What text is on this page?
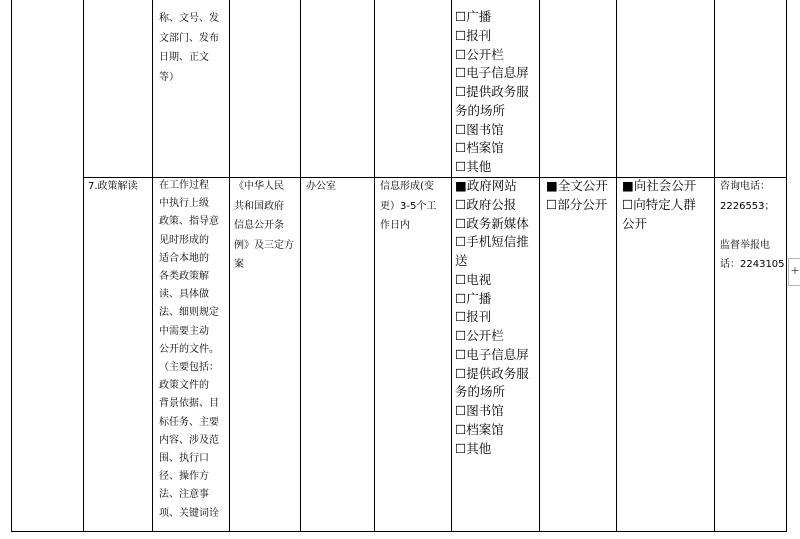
称、文号、发
文部门、发布
日期、正文
等）
☐广播
☐报刊
☐公开栏
☐电子信息屏
☐提供政务服
务的场所
☐图书馆
☐档案馆
☐其他
7.政策解读 在工作过程
中执行上级
政策、指导意
见时形成的
适合本地的
各类政策解
读、具体做
法、细则规定
中需要主动
公开的文件。
（主要包括：
政策文件的
背景依据、目
标任务、主要
内容、涉及范
围、执行口
径、操作方
法、注意事
项、关键词诠
《中华人民
共和国政府
信息公开条
例》及三定方
案
办公室	信息形成(变
更）3-5个工
作日内
■政府网站
☐政府公报
☐政务新媒体
☐手机短信推
送
☐电视
☐广播
☐报刊
☐公开栏
☐电子信息屏
☐提供政务服
务的场所
☐图书馆
☐档案馆
☐其他
■全文公开
☐部分公开
■向社会公开
☐向特定人群
公开
咨询电话：
2226553；

监督举报电
话：2243105 +
